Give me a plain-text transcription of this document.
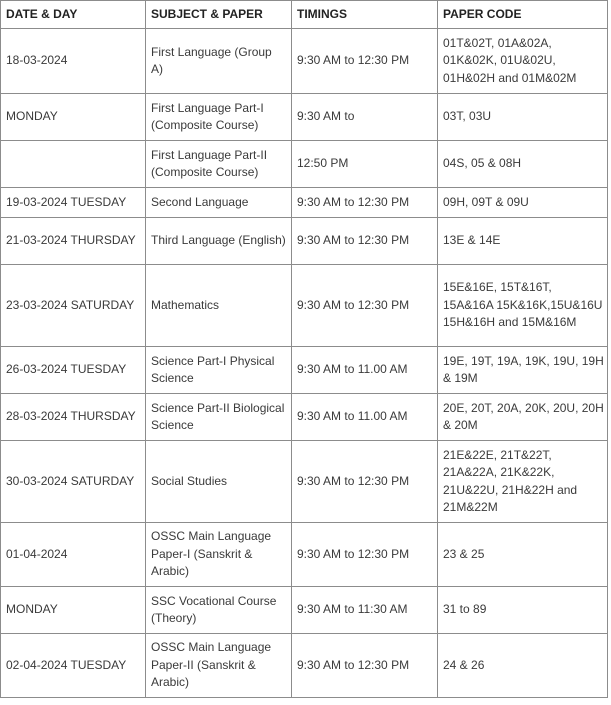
DATE & DAY	SUBJECT & PAPER	TIMINGS	PAPER CODE
18-03-2024	First Language (Group A)	9:30 AM to 12:30 PM	01T&02T, 01A&02A, 01K&02K, 01U&02U, 01H&02H and 01M&02M
MONDAY	First Language Part-I (Composite Course)	9:30 AM to	03T, 03U
	First Language Part-II (Composite Course)	12:50 PM	04S, 05 & 08H
19-03-2024 TUESDAY	Second Language	9:30 AM to 12:30 PM	09H, 09T & 09U
21-03-2024 THURSDAY	Third Language (English)	9:30 AM to 12:30 PM	13E & 14E
23-03-2024 SATURDAY	Mathematics	9:30 AM to 12:30 PM	15E&16E, 15T&16T, 15A&16A 15K&16K,15U&16U 15H&16H and 15M&16M
26-03-2024 TUESDAY	Science Part-I Physical Science	9:30 AM to 11.00 AM	19E, 19T, 19A, 19K, 19U, 19H & 19M
28-03-2024 THURSDAY	Science Part-II Biological Science	9:30 AM to 11.00 AM	20E, 20T, 20A, 20K, 20U, 20H & 20M
30-03-2024 SATURDAY	Social Studies	9:30 AM to 12:30 PM	21E&22E, 21T&22T, 21A&22A, 21K&22K, 21U&22U, 21H&22H and 21M&22M
01-04-2024	OSSC Main Language Paper-I (Sanskrit & Arabic)	9:30 AM to 12:30 PM	23 & 25
MONDAY	SSC Vocational Course (Theory)	9:30 AM to 11:30 AM	31 to 89
02-04-2024 TUESDAY	OSSC Main Language Paper-II (Sanskrit & Arabic)	9:30 AM to 12:30 PM	24 & 26
